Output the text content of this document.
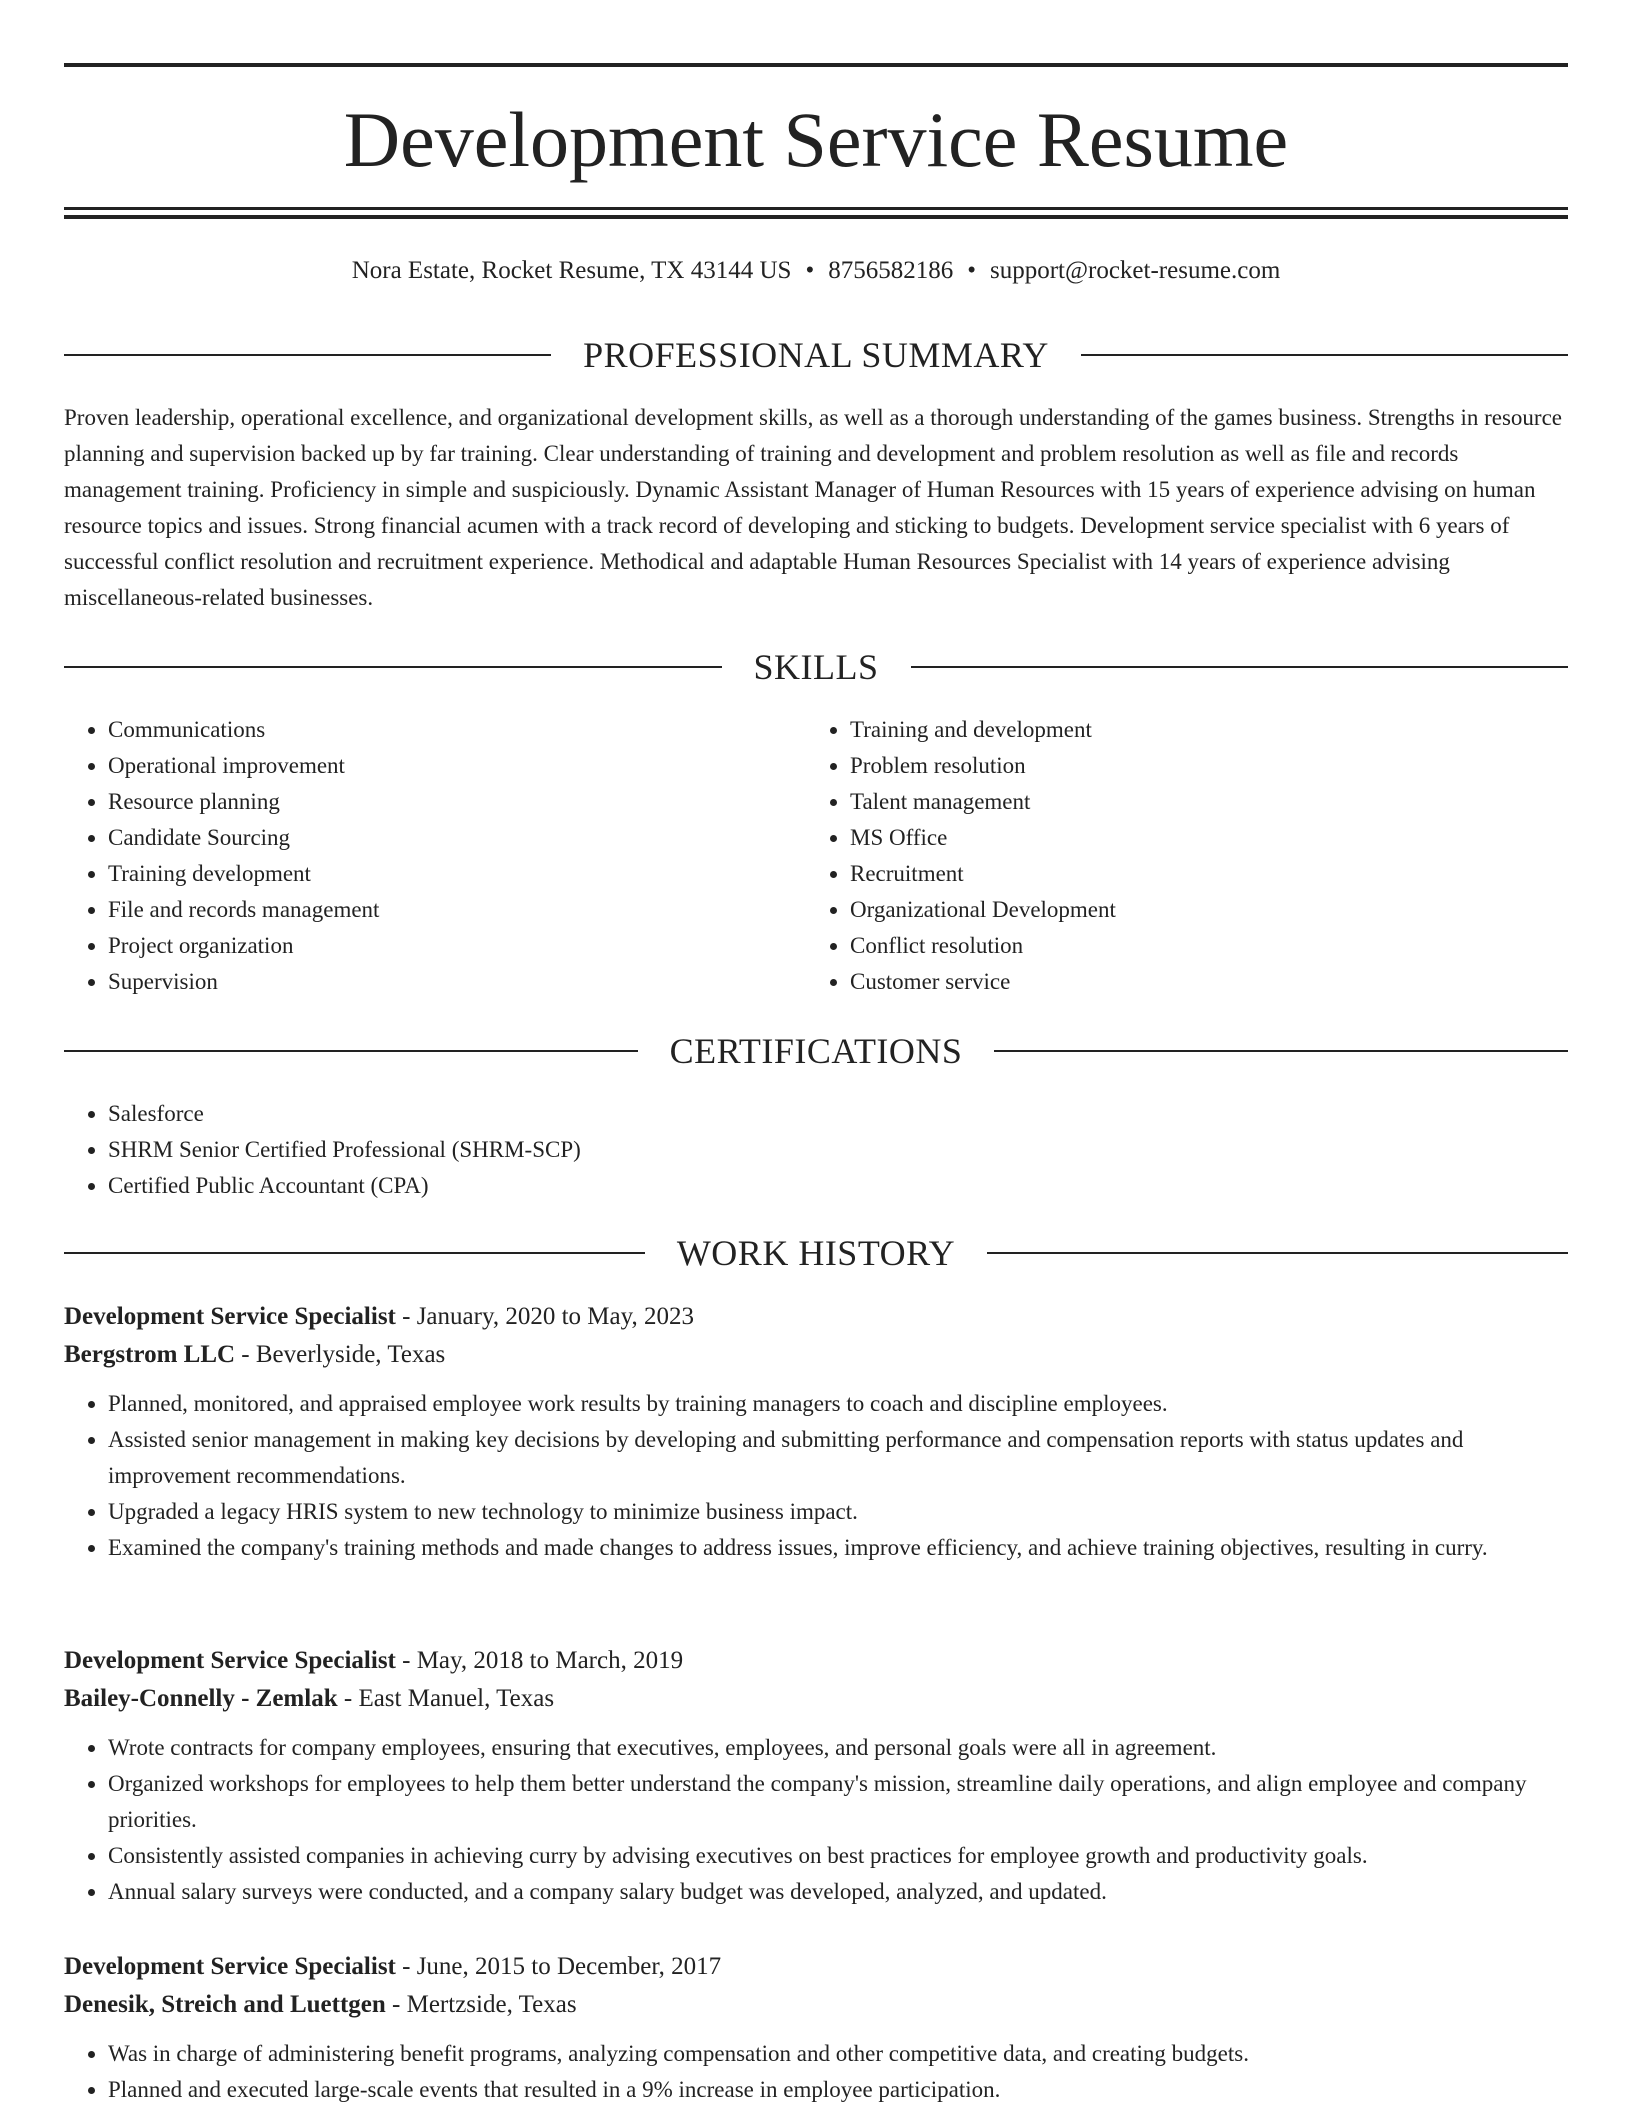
Development Service Resume
Nora Estate, Rocket Resume, TX 43144 US • 8756582186 • support@rocket-resume.com
PROFESSIONAL SUMMARY

Proven leadership, operational excellence, and organizational development skills, as well as a thorough understanding of the games business. Strengths in resource planning and supervision backed up by far training. Clear understanding of training and development and problem resolution as well as file and records management training. Proficiency in simple and suspiciously. Dynamic Assistant Manager of Human Resources with 15 years of experience advising on human resource topics and issues. Strong financial acumen with a track record of developing and sticking to budgets. Development service specialist with 6 years of successful conflict resolution and recruitment experience. Methodical and adaptable Human Resources Specialist with 14 years of experience advising miscellaneous-related businesses.

SKILLS
• Communications
• Operational improvement
• Resource planning
• Candidate Sourcing
• Training development
• File and records management
• Project organization
• Supervision
• Training and development
• Problem resolution
• Talent management
• MS Office
• Recruitment
• Organizational Development
• Conflict resolution
• Customer service
CERTIFICATIONS
• Salesforce
• SHRM Senior Certified Professional (SHRM-SCP)
• Certified Public Accountant (CPA)
WORK HISTORY
Development Service Specialist - January, 2020 to May, 2023
Bergstrom LLC - Beverlyside, Texas
• Planned, monitored, and appraised employee work results by training managers to coach and discipline employees.
• Assisted senior management in making key decisions by developing and submitting performance and compensation reports with status updates and improvement recommendations.
• Upgraded a legacy HRIS system to new technology to minimize business impact.
• Examined the company's training methods and made changes to address issues, improve efficiency, and achieve training objectives, resulting in curry.
Development Service Specialist - May, 2018 to March, 2019
Bailey-Connelly - Zemlak - East Manuel, Texas
• Wrote contracts for company employees, ensuring that executives, employees, and personal goals were all in agreement.
• Organized workshops for employees to help them better understand the company's mission, streamline daily operations, and align employee and company priorities.
• Consistently assisted companies in achieving curry by advising executives on best practices for employee growth and productivity goals.
• Annual salary surveys were conducted, and a company salary budget was developed, analyzed, and updated.
Development Service Specialist - June, 2015 to December, 2017
Denesik, Streich and Luettgen - Mertzside, Texas
• Was in charge of administering benefit programs, analyzing compensation and other competitive data, and creating budgets.
• Planned and executed large-scale events that resulted in a 9% increase in employee participation.
